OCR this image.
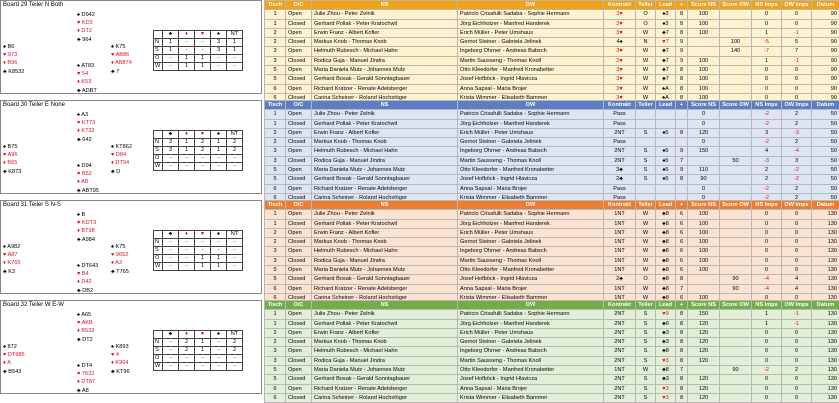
Board 29 Teiler N Both
♠ D942
♥ KD2
♦ DT2
♣ 964
♠ B6
♥ 973
♦ B96
♣ K8532
♠ K75
♥ AB86
♦ AB874
♣ 7
♠ AT83
♥ 54
♦ K53
♣ ADBT
	♣	♦	♥	♠	NT
N	1	-	-	3	1
S	1	-	-	3	1
O	-	1	1	-	-
W	-	1	1	-	-
Tisch	O/C	NS	OW	Kontrakt	Teiler	Lead	+	Score NS	Score OW	NS Imps	OW Imps	Datum
1	Open	Julie Zhou - Peter Zelnik	Patricio Crisafulli Sadaba - Sophie Hermann	3♥	O	♠3	8	100		0	0	90
1	Closed	Gerhard Pollak - Peter Kratochwil	Jörg Eichholzer - Manfred Handerek	3♥	O	♠3	8	100		0	0	90
2	Open	Erwin Franz - Albert Kofler	Erich Müller - Peter Umshaus	3♥	W	♣7	8	100		1	-1	90
2	Closed	Markus Knob - Thomas Knob	Gernot Steiner - Gabriela Jelinek	4♠	N	♥7	9		100	-5	5	90
3	Open	Helmuth Rubesch - Michael Hahn	Ingeborg Ohrner - Andreas Babsch	3♥	W	♣7	9		140	-7	7	90
3	Closed	Rodica Guja - Manuel Jindra	Martin Sausseng - Thomas Knoll	2♥	W	♣7	9	100		1	-1	90
5	Open	Maria Daniela Mutz - Johannes Mutz	Otto Kleedorfer - Manfred Kronabetter	3♥	W	♣7	8	100		0	0	90
5	Closed	Gerhard Bosak - Gerald Sonntagbauer	Josef Hofböck - Ingrid Hlavicza	3♥	W	♣7	8	100		0	0	90
6	Open	Richard Kratzer - Renate Adelsberger	Anna Sapsal - Maria Brojer	3♥	W	♠A	8	100		0	0	90
6	Closed	Carina Scheiner - Roland Hochstöger	Krista Wimmer - Elisabeth Bammer	3♥	W	♠A	8	100		0	0	90
Board 30 Teiler E None
♠ A3
♥ KT73
♦ K732
♣ 642
♠ B75
♥ A96
♦ B65
♣ K873
♠ KT862
♥ D84
♦ DT94
♣ D
♠ D94
♥ B52
♦ A8
♣ ABT95
	♣	♦	♥	♠	NT
N	3	1	2	1	2
S	3	1	2	1	2
O	-	-	-	-	-
W	-	-	-	-	-
Tisch	O/C	NS	OW	Kontrakt	Teiler	Lead	+	Score NS	Score OW	NS Imps	OW Imps	Datum
1	Open	Julie Zhou - Peter Zelnik	Patricio Crisafulli Sadaba - Sophie Hermann	Pass				0		-2	2	50
1	Closed	Gerhard Pollak - Peter Kratochwil	Jörg Eichholzer - Manfred Handerek	Pass				0		-2	2	50
2	Open	Erwin Franz - Albert Kofler	Erich Müller - Peter Umshaus	2NT	S	♠5	8	120		3	-3	50
2	Closed	Markus Knob - Thomas Knob	Gernot Steiner - Gabriela Jelinek	Pass				0		-2	2	50
3	Open	Helmuth Rubesch - Michael Hahn	Ingeborg Ohrner - Andreas Babsch	2NT	S	♠5	9	150		4	-4	50
3	Closed	Rodica Guja - Manuel Jindra	Martin Sausseng - Thomas Knoll	2NT	S	♠5	7		50	-3	3	50
5	Open	Maria Daniela Mutz - Johannes Mutz	Otto Kleedorfer - Manfred Kronabetter	3♣	S	♠5	9	110		2	-2	50
5	Closed	Gerhard Bosak - Gerald Sonntagbauer	Josef Hofböck - Ingrid Hlavicza	2♣	S	♠5	8	90		2	-2	50
6	Open	Richard Kratzer - Renate Adelsberger	Anna Sapsal - Maria Brojer	Pass				0		-2	2	50
6	Closed	Carina Scheiner - Roland Hochstöger	Krista Wimmer - Elisabeth Bammer	Pass				0		-2	2	50
Board 31 Teiler S N-S
♠ B
♥ KDT3
♦ BT98
♣ A984
♠ A982
♥ A87
♦ K765
♣ K3
♠ K75
♥ 9652
♦ A3
♣ T765
♠ DT643
♥ B4
♦ D42
♣ DB2
	♣	♦	♥	♠	NT
N	-	-	-	-	-
S	-	-	-	-	-
O	-	-	1	1	-
W	-	-	1	1	-
Tisch	O/C	NS	OW	Kontrakt	Teiler	Lead	+	Score NS	Score OW	NS Imps	OW Imps	Datum
1	Open	Julie Zhou - Peter Zelnik	Patricio Crisafulli Sadaba - Sophie Hermann	1NT	W	♣8	6	100		0	0	130
1	Closed	Gerhard Pollak - Peter Kratochwil	Jörg Eichholzer - Manfred Handerek	1NT	W	♣8	6	100		0	0	130
2	Open	Erwin Franz - Albert Kofler	Erich Müller - Peter Umshaus	1NT	W	♣8	6	100		0	0	130
2	Closed	Markus Knob - Thomas Knob	Gernot Steiner - Gabriela Jelinek	1NT	W	♣8	6	100		0	0	130
3	Open	Helmuth Rubesch - Michael Hahn	Ingeborg Ohrner - Andreas Babsch	1NT	W	♣8	6	100		0	0	130
3	Closed	Rodica Guja - Manuel Jindra	Martin Sausseng - Thomas Knoll	1NT	W	♣8	6	100		0	0	130
5	Open	Maria Daniela Mutz - Johannes Mutz	Otto Kleedorfer - Manfred Kronabetter	1NT	W	♣8	6	100		0	0	130
5	Closed	Gerhard Bosak - Gerald Sonntagbauer	Josef Hofböck - Ingrid Hlavicza	2♣	O	♣8	8		90	-4	4	130
6	Open	Richard Kratzer - Renate Adelsberger	Anna Sapsal - Maria Brojer	1NT	W	♣8	7		90	-4	4	130
6	Closed	Carina Scheiner - Roland Hochstöger	Krista Wimmer - Elisabeth Bammer	1NT	W	♣8	6	100		0	0	130
Board 32 Teiler W E-W
♠ A65
♥ AKB
♦ B532
♣ DT2
♠ 872
♥ DT985
♦ A
♣ B543
♠ K893
♥ 4
♦ K964
♣ KT96
♠ DT4
♥ 7632
♦ DT87
♣ A8
	♣	♦	♥	♠	NT
N	-	2	1	-	2
S	-	2	1	-	2
O	-	-	-	-	-
W	-	-	-	-	-
Tisch	O/C	NS	OW	Kontrakt	Teiler	Lead	+	Score NS	Score OW	NS Imps	OW Imps	Datum
1	Open	Julie Zhou - Peter Zelnik	Patricio Crisafulli Sadaba - Sophie Hermann	2NT	S	♥9	8	150		1	-1	130
1	Closed	Gerhard Pollak - Peter Kratochwil	Jörg Eichholzer - Manfred Handerek	2NT	S	♣6	8	120		1	-1	130
2	Open	Erwin Franz - Albert Kofler	Erich Müller - Peter Umshaus	2NT	S	♣3	8	120		0	0	130
2	Closed	Markus Knob - Thomas Knob	Gernot Steiner - Gabriela Jelinek	2NT	S	♣3	8	120		0	0	130
3	Open	Helmuth Rubesch - Michael Hahn	Ingeborg Ohrner - Andreas Babsch	2NT	S	♣8	8	120		0	0	130
3	Closed	Rodica Guja - Manuel Jindra	Martin Sausseng - Thomas Knoll	2NT	S	♥3	8	120		0	0	130
5	Open	Maria Daniela Mutz - Johannes Mutz	Otto Kleedorfer - Manfred Kronabetter	1NT	W	♣8	7		90	-2	2	130
5	Closed	Gerhard Bosak - Gerald Sonntagbauer	Josef Hofböck - Ingrid Hlavicza	2NT	S	♣3	8	120		0	0	130
6	Open	Richard Kratzer - Renate Adelsberger	Anna Sapsal - Maria Brojer	2NT	S	♥3	8	120		0	0	130
6	Closed	Carina Scheiner - Roland Hochstöger	Krista Wimmer - Elisabeth Bammer	2NT	S	♥3	8	120		0	0	130
